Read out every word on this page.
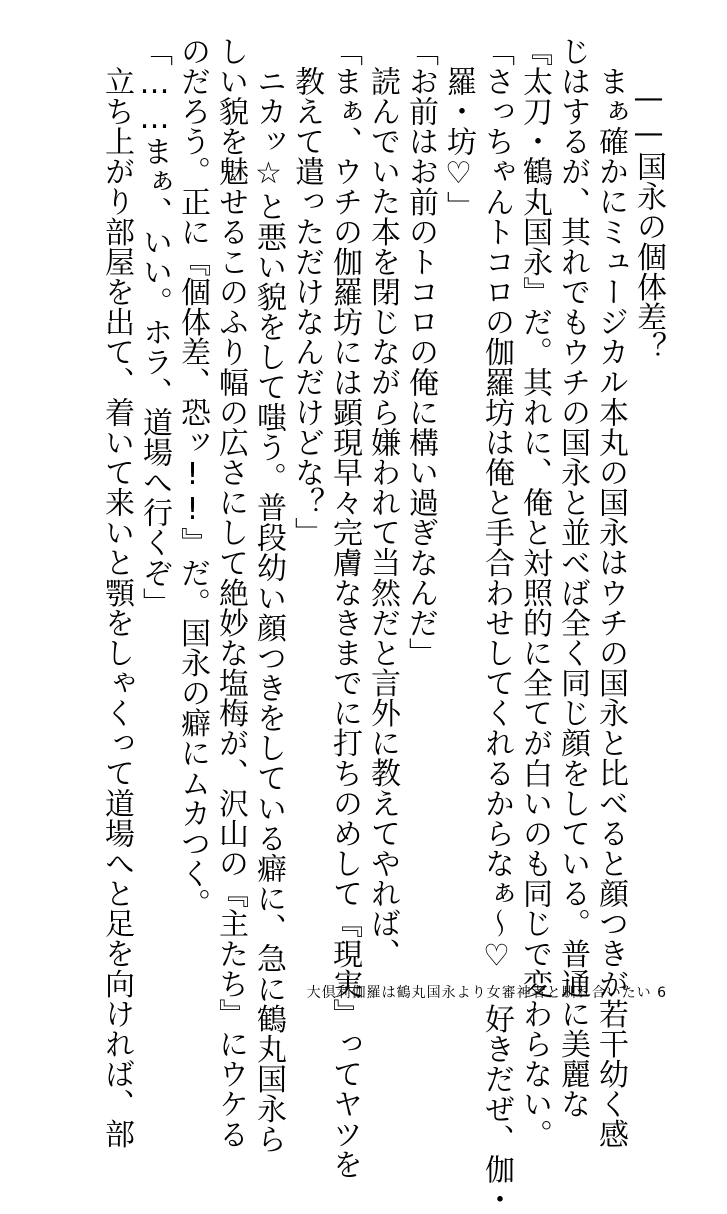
——国永の個体差？
まぁ確かにミュージカル本丸の国永はウチの国永と比べると顔つきが若干幼く感
じはするが、其れでもウチの国永と並べば全く同じ顔をしている。普通に美麗な
『太刀・鶴丸国永』だ。其れに、俺と対照的に全てが白いのも同じで変わらない。
「さっちゃんトコロの伽羅坊は俺と手合わせしてくれるからなぁ～♡　好きだぜ、伽・
羅・坊♡」
「お前はお前のトコロの俺に構い過ぎなんだ」
読んでいた本を閉じながら嫌われて当然だと言外に教えてやれば、
「まぁ、ウチの伽羅坊には顕現早々完膚なきまでに打ちのめして『現実』ってヤツを
教えて遣っただけなんだけどな？」
ニカッ☆と悪い貌をして嗤う。普段幼い顔つきをしている癖に、急に鶴丸国永ら
しい貌を魅せるこのふり幅の広さにして絶妙な塩梅が、沢山の『主たち』にウケる
のだろう。正に『個体差、恐ッ!!』だ。国永の癖にムカつく。
「……まぁ、いい。ホラ、道場へ行くぞ」
立ち上がり部屋を出て、着いて来いと顎をしゃくって道場へと足を向ければ、部	大倶利伽羅は鶴丸国永より女審神者と馴れ合いたい 6
